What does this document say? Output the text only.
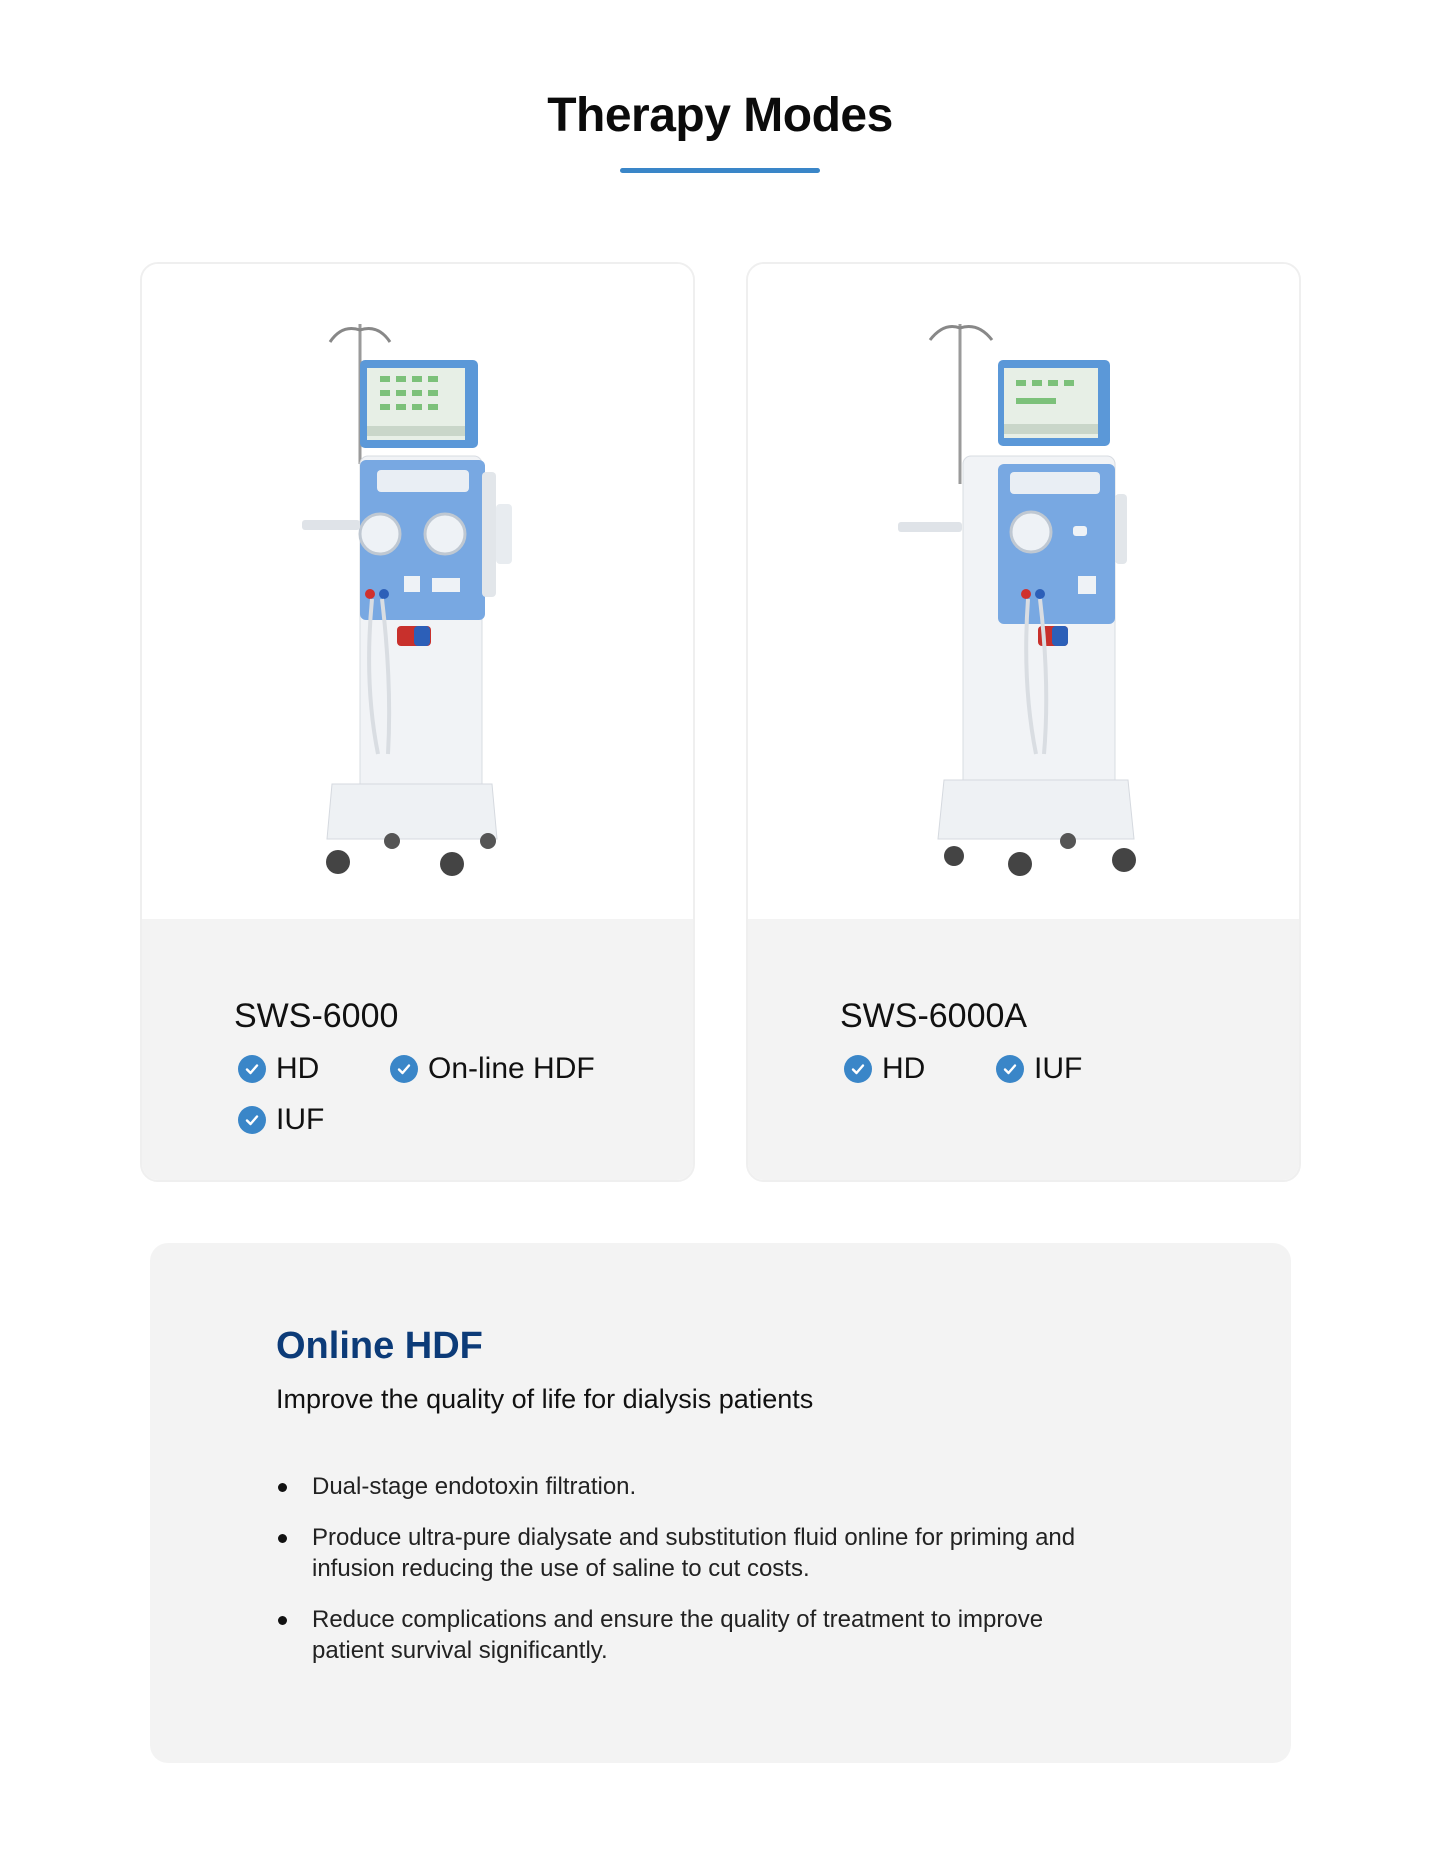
Therapy Modes
SWS-6000
HD	On-line HDF
IUF
SWS-6000A
HD	IUF
Online HDF
Improve the quality of life for dialysis patients
Dual-stage endotoxin filtration.
Produce ultra-pure dialysate and substitution fluid online for priming and infusion reducing the use of saline to cut costs.
Reduce complications and ensure the quality of treatment to improve patient survival significantly.
